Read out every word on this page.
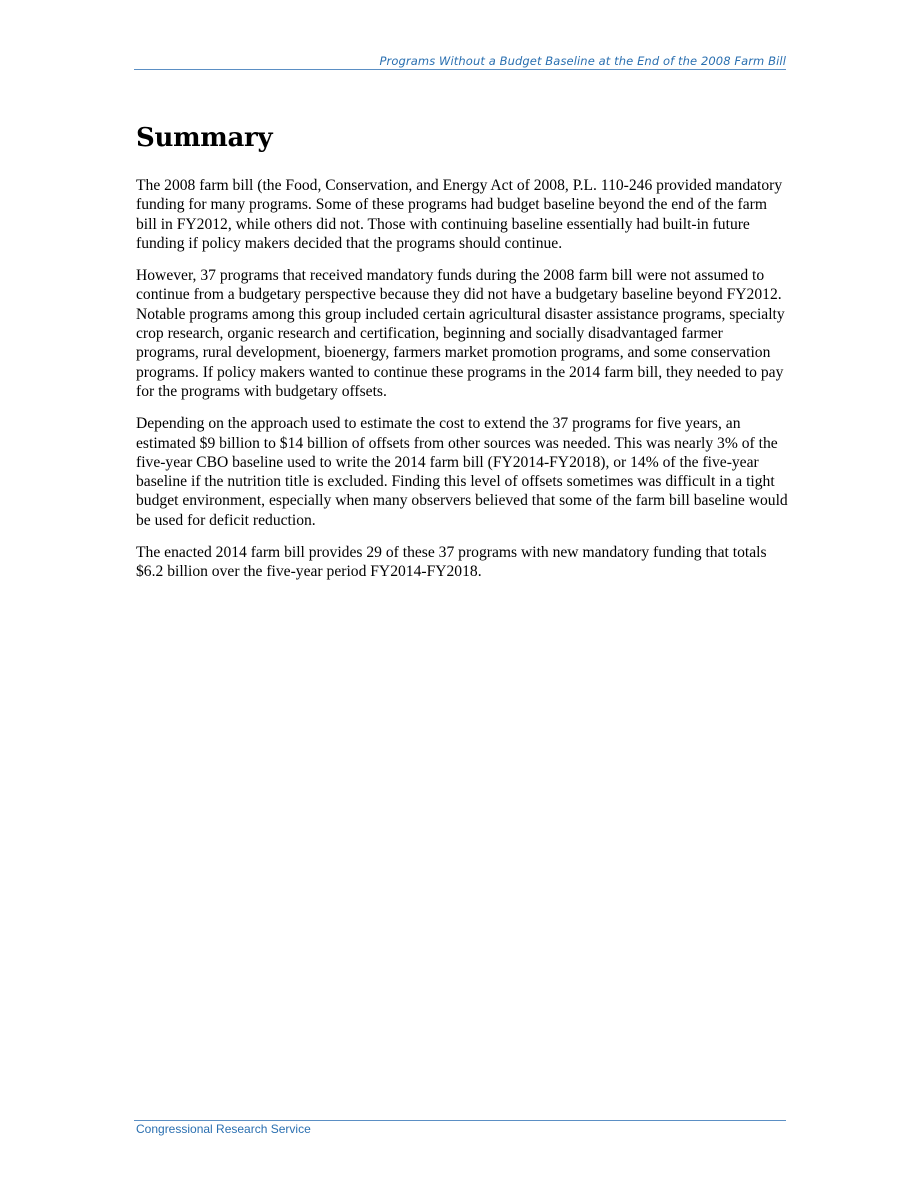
Programs Without a Budget Baseline at the End of the 2008 Farm Bill
Summary

The 2008 farm bill (the Food, Conservation, and Energy Act of 2008, P.L. 110-246 provided mandatory funding for many programs. Some of these programs had budget baseline beyond the end of the farm bill in FY2012, while others did not. Those with continuing baseline essentially had built-in future funding if policy makers decided that the programs should continue.

However, 37 programs that received mandatory funds during the 2008 farm bill were not assumed to continue from a budgetary perspective because they did not have a budgetary baseline beyond FY2012. Notable programs among this group included certain agricultural disaster assistance programs, specialty crop research, organic research and certification, beginning and socially disadvantaged farmer programs, rural development, bioenergy, farmers market promotion programs, and some conservation programs. If policy makers wanted to continue these programs in the 2014 farm bill, they needed to pay for the programs with budgetary offsets.

Depending on the approach used to estimate the cost to extend the 37 programs for five years, an estimated $9 billion to $14 billion of offsets from other sources was needed. This was nearly 3% of the five-year CBO baseline used to write the 2014 farm bill (FY2014-FY2018), or 14% of the five-year baseline if the nutrition title is excluded. Finding this level of offsets sometimes was difficult in a tight budget environment, especially when many observers believed that some of the farm bill baseline would be used for deficit reduction.

The enacted 2014 farm bill provides 29 of these 37 programs with new mandatory funding that totals $6.2 billion over the five-year period FY2014-FY2018.

Congressional Research Service
